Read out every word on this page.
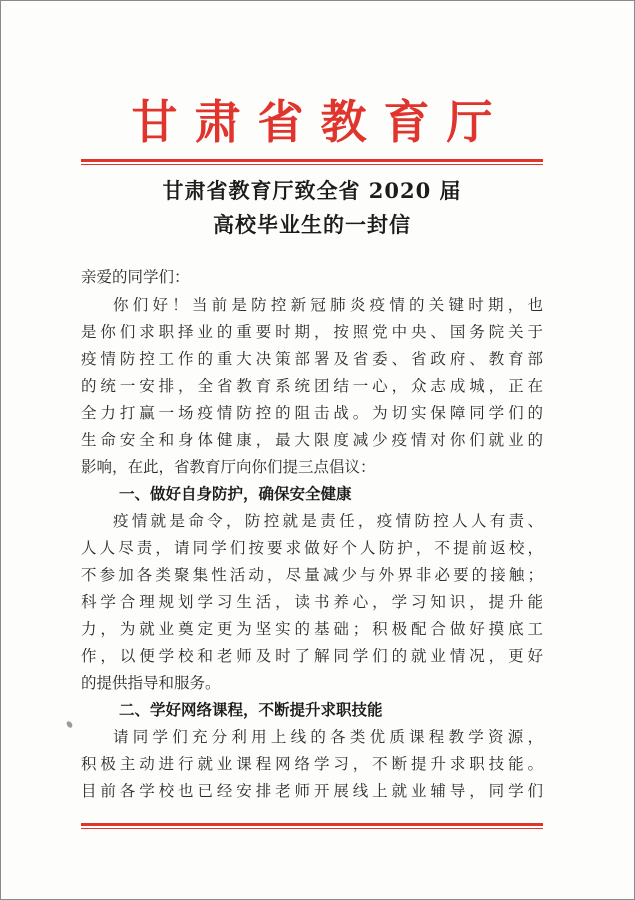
甘肃省教育厅
甘肃省教育厅致全省 2020 届
高校毕业生的一封信
亲爱的同学们：
你们好！当前是防控新冠肺炎疫情的关键时期，也
是你们求职择业的重要时期，按照党中央、国务院关于
疫情防控工作的重大决策部署及省委、省政府、教育部
的统一安排，全省教育系统团结一心，众志成城，正在
全力打赢一场疫情防控的阻击战。为切实保障同学们的
生命安全和身体健康，最大限度减少疫情对你们就业的
影响，在此，省教育厅向你们提三点倡议：
一、做好自身防护，确保安全健康
疫情就是命令，防控就是责任，疫情防控人人有责、
人人尽责，请同学们按要求做好个人防护，不提前返校，
不参加各类聚集性活动，尽量减少与外界非必要的接触；
科学合理规划学习生活，读书养心，学习知识，提升能
力，为就业奠定更为坚实的基础；积极配合做好摸底工
作，以便学校和老师及时了解同学们的就业情况，更好
的提供指导和服务。
二、学好网络课程，不断提升求职技能
请同学们充分利用上线的各类优质课程教学资源，
积极主动进行就业课程网络学习，不断提升求职技能。
目前各学校也已经安排老师开展线上就业辅导，同学们
